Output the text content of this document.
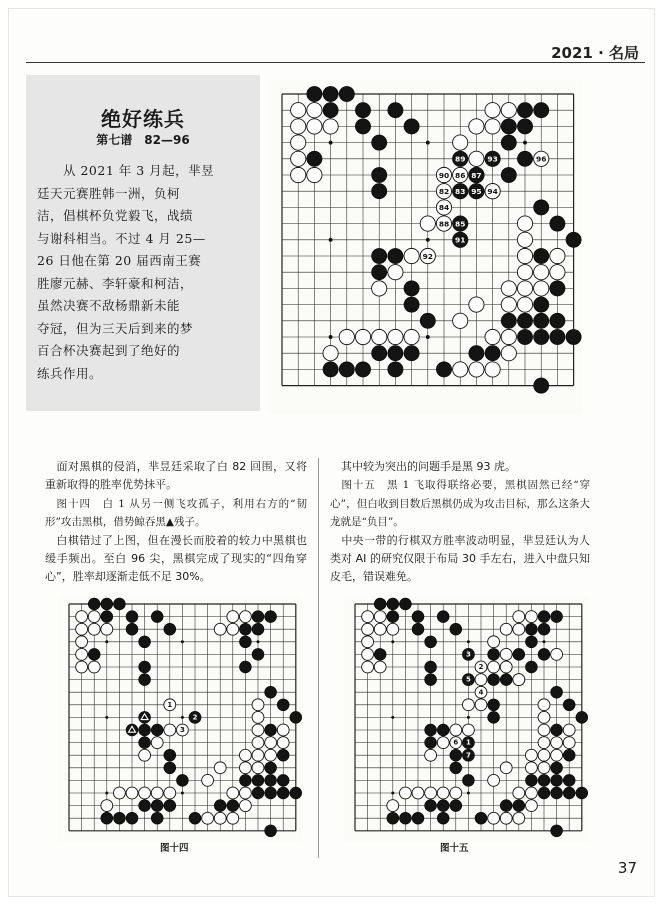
2021 · 名局
绝好练兵
第七谱　82—96
　　从 2021 年 3 月起，芈昱
廷天元赛胜韩一洲，负柯
洁，倡棋杯负党毅飞，战绩
与谢科相当。不过 4 月 25—
26 日他在第 20 届西南王赛
胜廖元赫、李轩豪和柯洁，
虽然决赛不敌杨鼎新未能
夺冠，但为三天后到来的梦
百合杯决赛起到了绝好的
练兵作用。
82 83
84
85
86 87
88
89
90
91
92
93
94
95
96

　面对黑棋的侵消，芈昱廷采取了白 82 回围，又将重新取得的胜率优势抹平。

　图十四　白 1 从另一侧飞攻孤子，利用右方的“韧形”攻击黑棋，借势鲸吞黑▲残子。

　白棋错过了上图，但在漫长而胶着的较力中黑棋也缓手频出。至白 96 尖，黑棋完成了现实的“四角穿心”，胜率却逐渐走低不足 30%。

　其中较为突出的问题手是黑 93 虎。

　图十五　黑 1 飞取得联络必要，黑棋固然已经“穿心”，但白收到目数后黑棋仍成为攻击目标，那么这条大龙就是“负目”。

　中央一带的行棋双方胜率波动明显，芈昱廷认为人类对 AI 的研究仅限于布局 30 手左右，进入中盘只知皮毛，错误难免。

1
2
3
图十四
1
2
3
4
5
6
7
图十五
37
